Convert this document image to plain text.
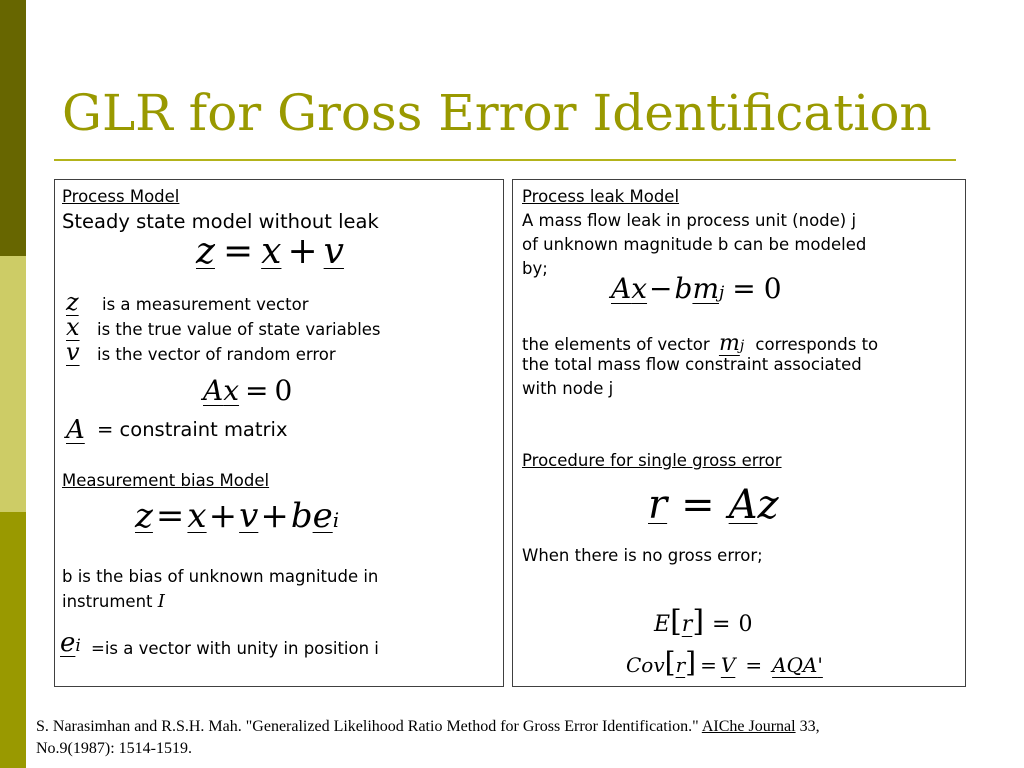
GLR for Gross Error Identification
Process Model
Steady state model without leak
z = x + v
z is a measurement vector
x is the true value of state variables
v is the vector of random error
Ax = 0
A = constraint matrix
Measurement bias Model
z=x+v+bei
b is the bias of unknown magnitude in
instrument I
ei =is a vector with unity in position i
Process leak Model
A mass flow leak in process unit (node) j
of unknown magnitude b can be modeled
by;
Ax−bmj = 0
the elements of vector mj corresponds to
the total mass flow constraint associated
with node j
Procedure for single gross error
r = Az
When there is no gross error;
E[r] = 0
Cov[r] = V = AQA'
S. Narasimhan and R.S.H. Mah. "Generalized Likelihood Ratio Method for Gross Error Identification." AIChe Journal 33,
No.9(1987): 1514-1519.
